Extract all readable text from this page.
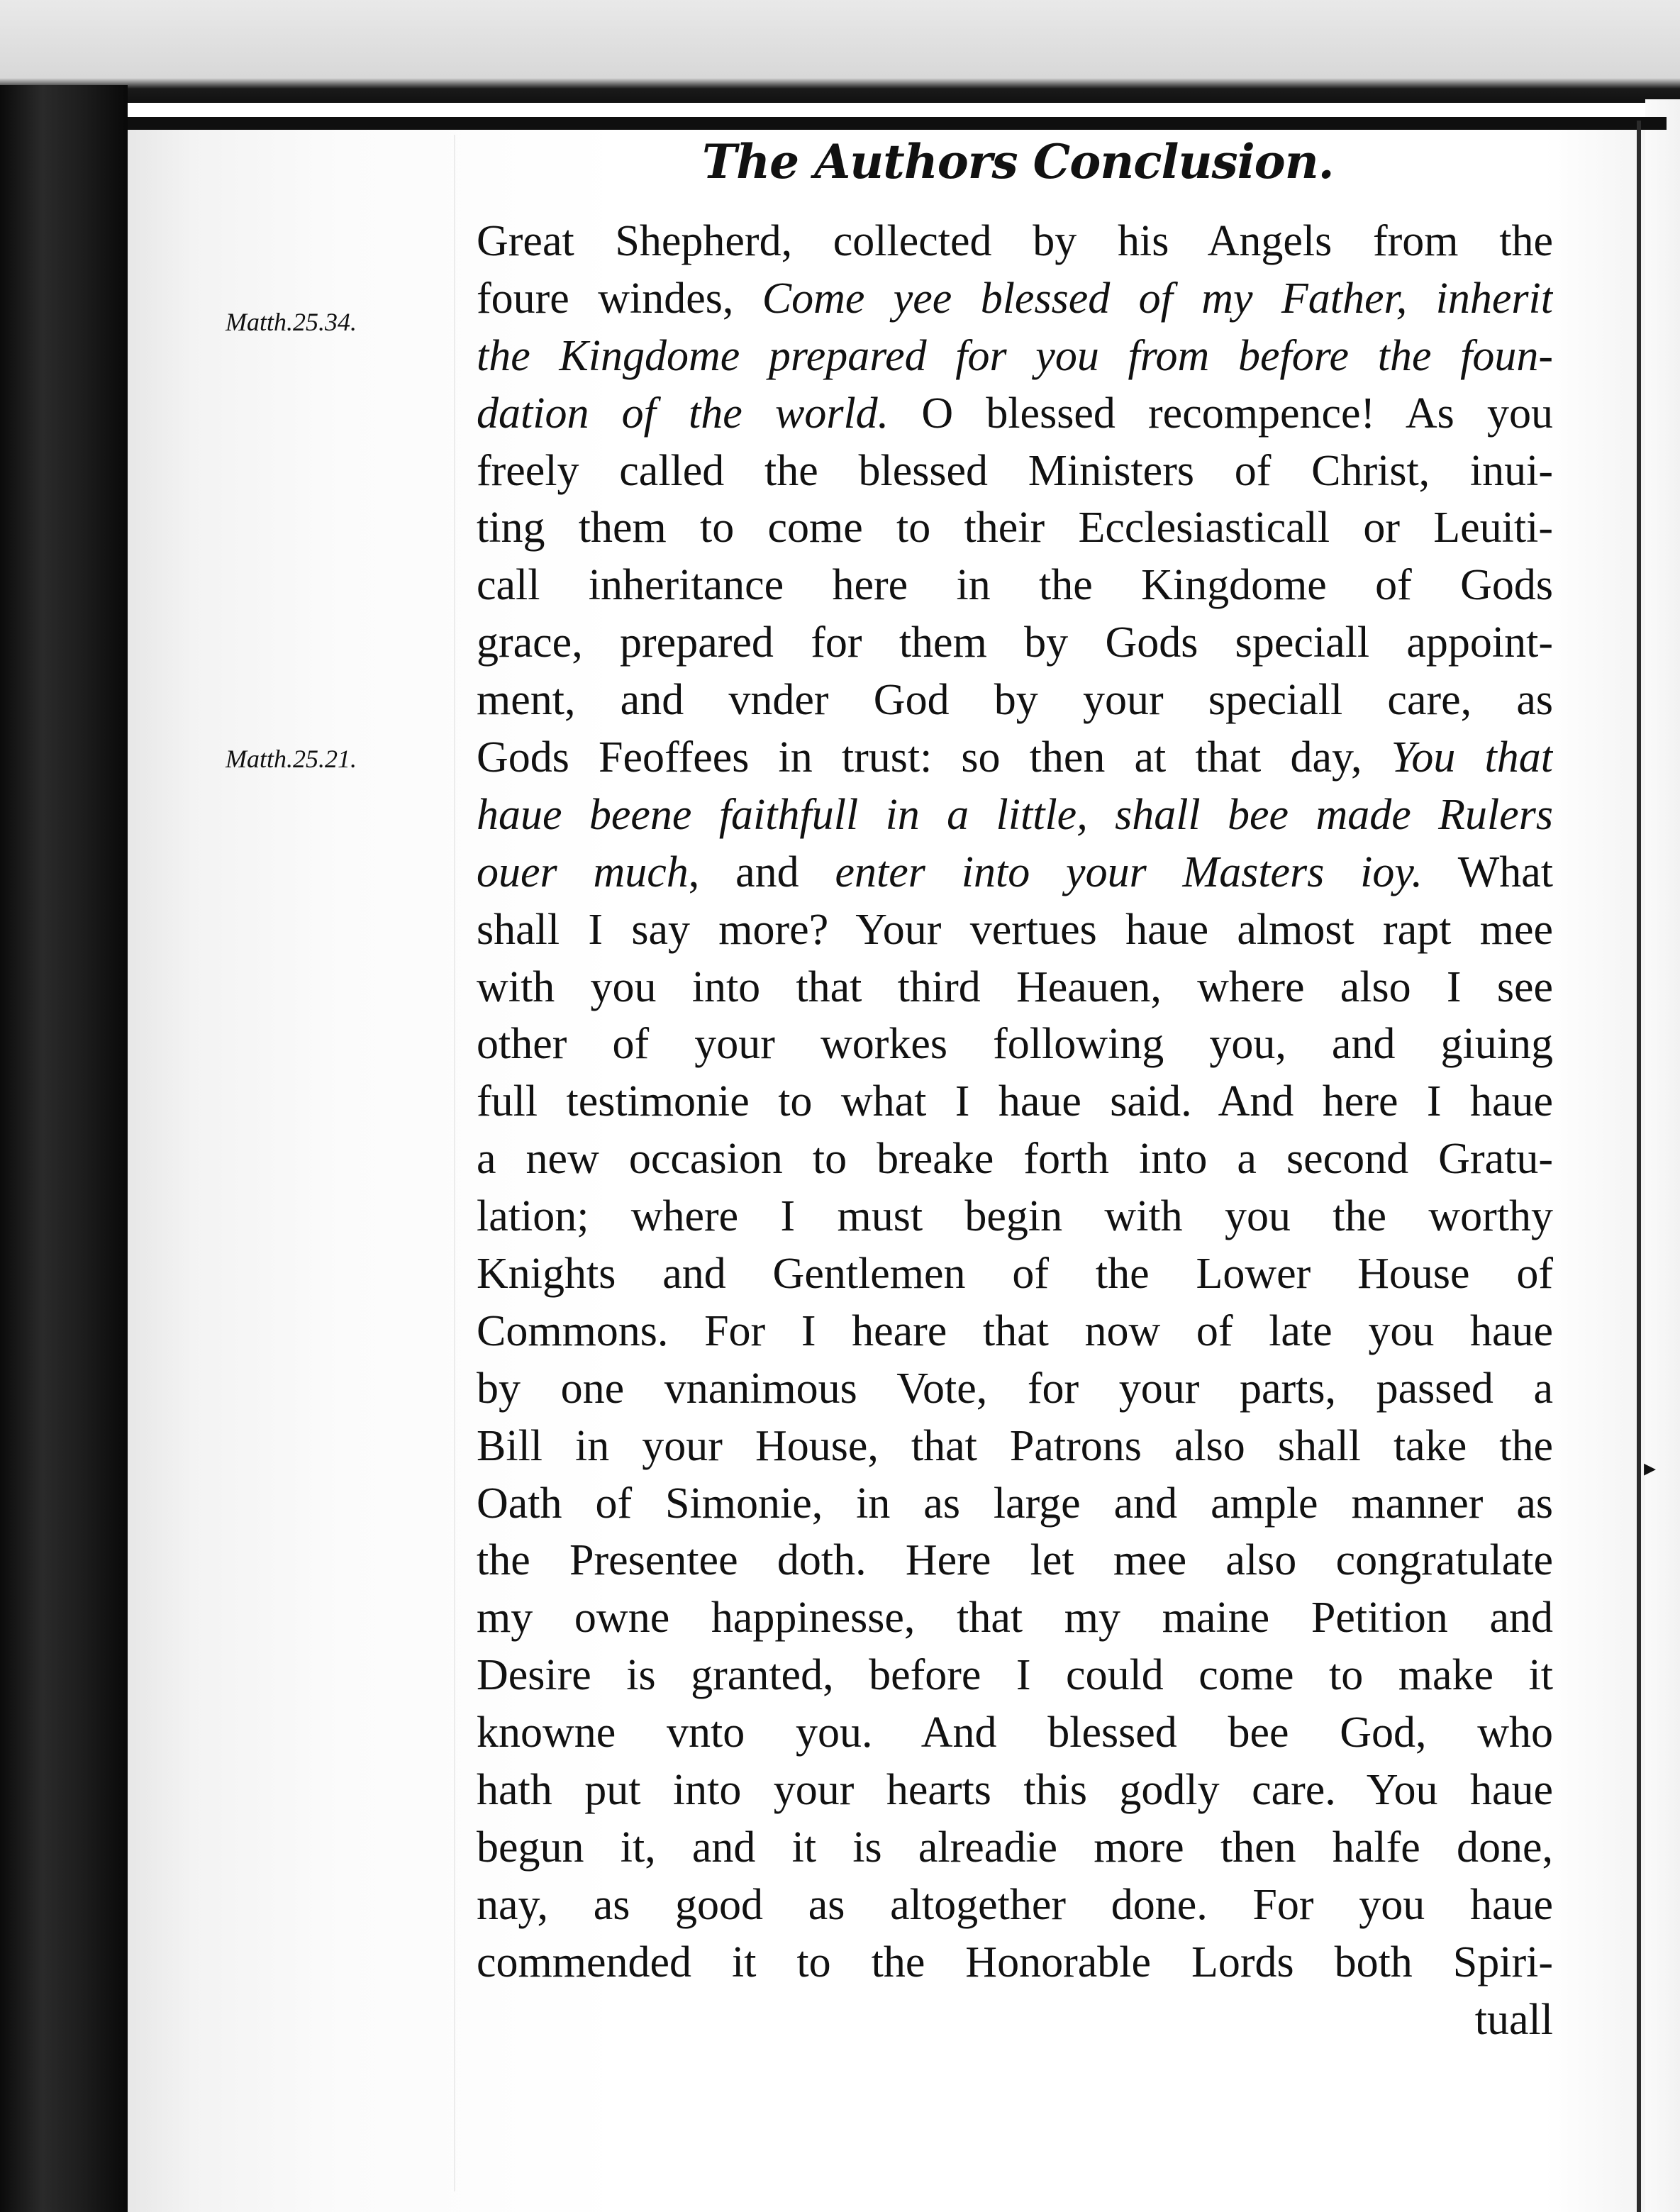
The Authors Conclusion.
Matth.25.34.
Matth.25.21.
Great Shepherd, collected by his Angels from the
foure windes, Come yee blessed of my Father, inherit
the Kingdome prepared for you from before the foun-
dation of the world. O blessed recompence! As you
freely called the blessed Ministers of Christ, inui-
ting them to come to their Ecclesiasticall or Leuiti-
call inheritance here in the Kingdome of Gods
grace, prepared for them by Gods speciall appoint-
ment, and vnder God by your speciall care, as
Gods Feoffees in trust: so then at that day, You that
haue beene faithfull in a little, shall bee made Rulers
ouer much, and enter into your Masters ioy. What
shall I say more? Your vertues haue almost rapt mee
with you into that third Heauen, where also I see
other of your workes following you, and giuing
full testimonie to what I haue said. And here I haue
a new occasion to breake forth into a second Gratu-
lation; where I must begin with you the worthy
Knights and Gentlemen of the Lower House of
Commons. For I heare that now of late you haue
by one vnanimous Vote, for your parts, passed a
Bill in your House, that Patrons also shall take the
Oath of Simonie, in as large and ample manner as
the Presentee doth. Here let mee also congratulate
my owne happinesse, that my maine Petition and
Desire is granted, before I could come to make it
knowne vnto you. And blessed bee God, who
hath put into your hearts this godly care. You haue
begun it, and it is alreadie more then halfe done,
nay, as good as altogether done. For you haue
commended it to the Honorable Lords both Spiri-
tuall
▸
